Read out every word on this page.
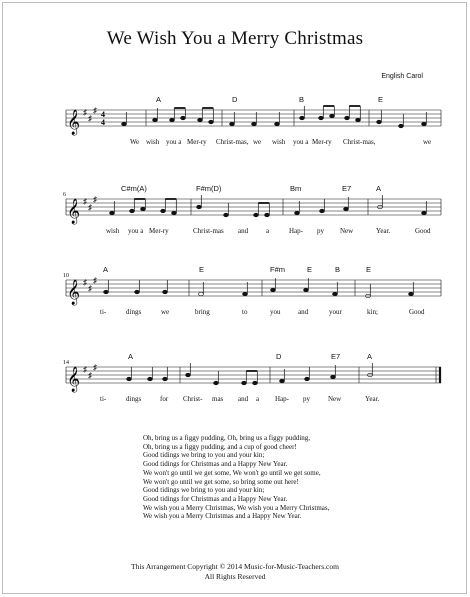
We Wish You a Merry Christmas
English Carol
A	D	B	E
𝄞 ♯
♯
♯ 4
4
We wish you a Mer-ry Christ-mas, we wish you a Mer-ry Christ-mas,	we
6
C#m(A)	F#m(D)	Bm	E7	A
𝄞 ♯
♯
♯
wish you a Mer-ry	Christ-mas and	a	Hap- py New	Year.	Good
10
A	E	F#m	E	B	E
𝄞 ♯
♯
♯
ti-	dings	we	bring	to	you	and	your	kin;	Good
14
A	D	E7	A
𝄞 ♯
♯
♯
ti-	dings	for Christ- mas and a Hap- py	New	Year.
Oh, bring us a figgy pudding, Oh, bring us a figgy pudding,
Oh, bring us a figgy pudding, and a cup of good cheer!
Good tidings we bring to you and your kin;
Good tidings for Christmas and a Happy New Year.
We won't go until we get some, We won't go until we get some,
We won't go until we get some, so bring some out here!
Good tidings we bring to you and your kin;
Good tidings for Christmas and a Happy New Year.
We wish you a Merry Christmas, We wish you a Merry Christmas,
We wish you a Merry Christmas and a Happy New Year.
This Arrangement Copyright © 2014 Music-for-Music-Teachers.com
All Rights Reserved
